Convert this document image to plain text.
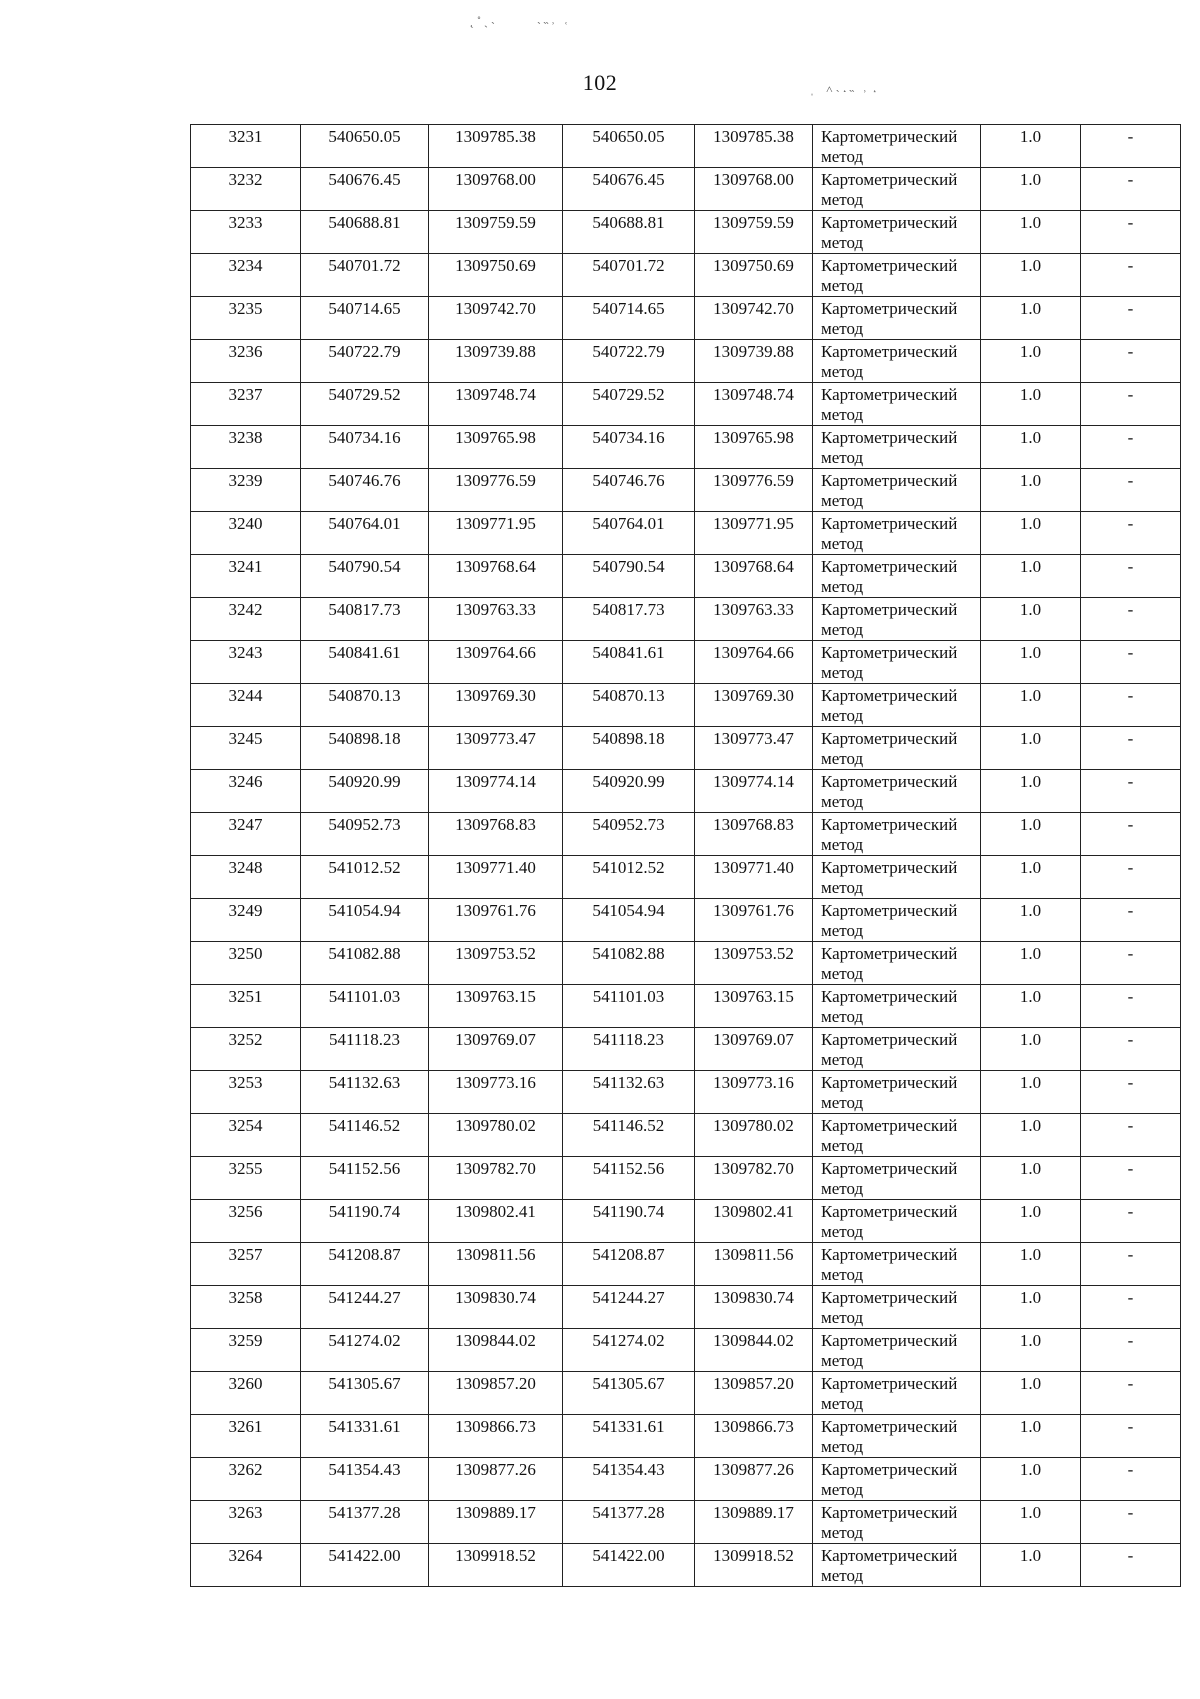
˛ ˚ ˏ ˴              ˴ ˵ ˒   ˓
ˌ    ˄ ˴ ˖ ˵   ˒  ˔
102
3231	540650.05	1309785.38	540650.05	1309785.38	Картометрический метод	1.0	-
3232	540676.45	1309768.00	540676.45	1309768.00	Картометрический метод	1.0	-
3233	540688.81	1309759.59	540688.81	1309759.59	Картометрический метод	1.0	-
3234	540701.72	1309750.69	540701.72	1309750.69	Картометрический метод	1.0	-
3235	540714.65	1309742.70	540714.65	1309742.70	Картометрический метод	1.0	-
3236	540722.79	1309739.88	540722.79	1309739.88	Картометрический метод	1.0	-
3237	540729.52	1309748.74	540729.52	1309748.74	Картометрический метод	1.0	-
3238	540734.16	1309765.98	540734.16	1309765.98	Картометрический метод	1.0	-
3239	540746.76	1309776.59	540746.76	1309776.59	Картометрический метод	1.0	-
3240	540764.01	1309771.95	540764.01	1309771.95	Картометрический метод	1.0	-
3241	540790.54	1309768.64	540790.54	1309768.64	Картометрический метод	1.0	-
3242	540817.73	1309763.33	540817.73	1309763.33	Картометрический метод	1.0	-
3243	540841.61	1309764.66	540841.61	1309764.66	Картометрический метод	1.0	-
3244	540870.13	1309769.30	540870.13	1309769.30	Картометрический метод	1.0	-
3245	540898.18	1309773.47	540898.18	1309773.47	Картометрический метод	1.0	-
3246	540920.99	1309774.14	540920.99	1309774.14	Картометрический метод	1.0	-
3247	540952.73	1309768.83	540952.73	1309768.83	Картометрический метод	1.0	-
3248	541012.52	1309771.40	541012.52	1309771.40	Картометрический метод	1.0	-
3249	541054.94	1309761.76	541054.94	1309761.76	Картометрический метод	1.0	-
3250	541082.88	1309753.52	541082.88	1309753.52	Картометрический метод	1.0	-
3251	541101.03	1309763.15	541101.03	1309763.15	Картометрический метод	1.0	-
3252	541118.23	1309769.07	541118.23	1309769.07	Картометрический метод	1.0	-
3253	541132.63	1309773.16	541132.63	1309773.16	Картометрический метод	1.0	-
3254	541146.52	1309780.02	541146.52	1309780.02	Картометрический метод	1.0	-
3255	541152.56	1309782.70	541152.56	1309782.70	Картометрический метод	1.0	-
3256	541190.74	1309802.41	541190.74	1309802.41	Картометрический метод	1.0	-
3257	541208.87	1309811.56	541208.87	1309811.56	Картометрический метод	1.0	-
3258	541244.27	1309830.74	541244.27	1309830.74	Картометрический метод	1.0	-
3259	541274.02	1309844.02	541274.02	1309844.02	Картометрический метод	1.0	-
3260	541305.67	1309857.20	541305.67	1309857.20	Картометрический метод	1.0	-
3261	541331.61	1309866.73	541331.61	1309866.73	Картометрический метод	1.0	-
3262	541354.43	1309877.26	541354.43	1309877.26	Картометрический метод	1.0	-
3263	541377.28	1309889.17	541377.28	1309889.17	Картометрический метод	1.0	-
3264	541422.00	1309918.52	541422.00	1309918.52	Картометрический метод	1.0	-
